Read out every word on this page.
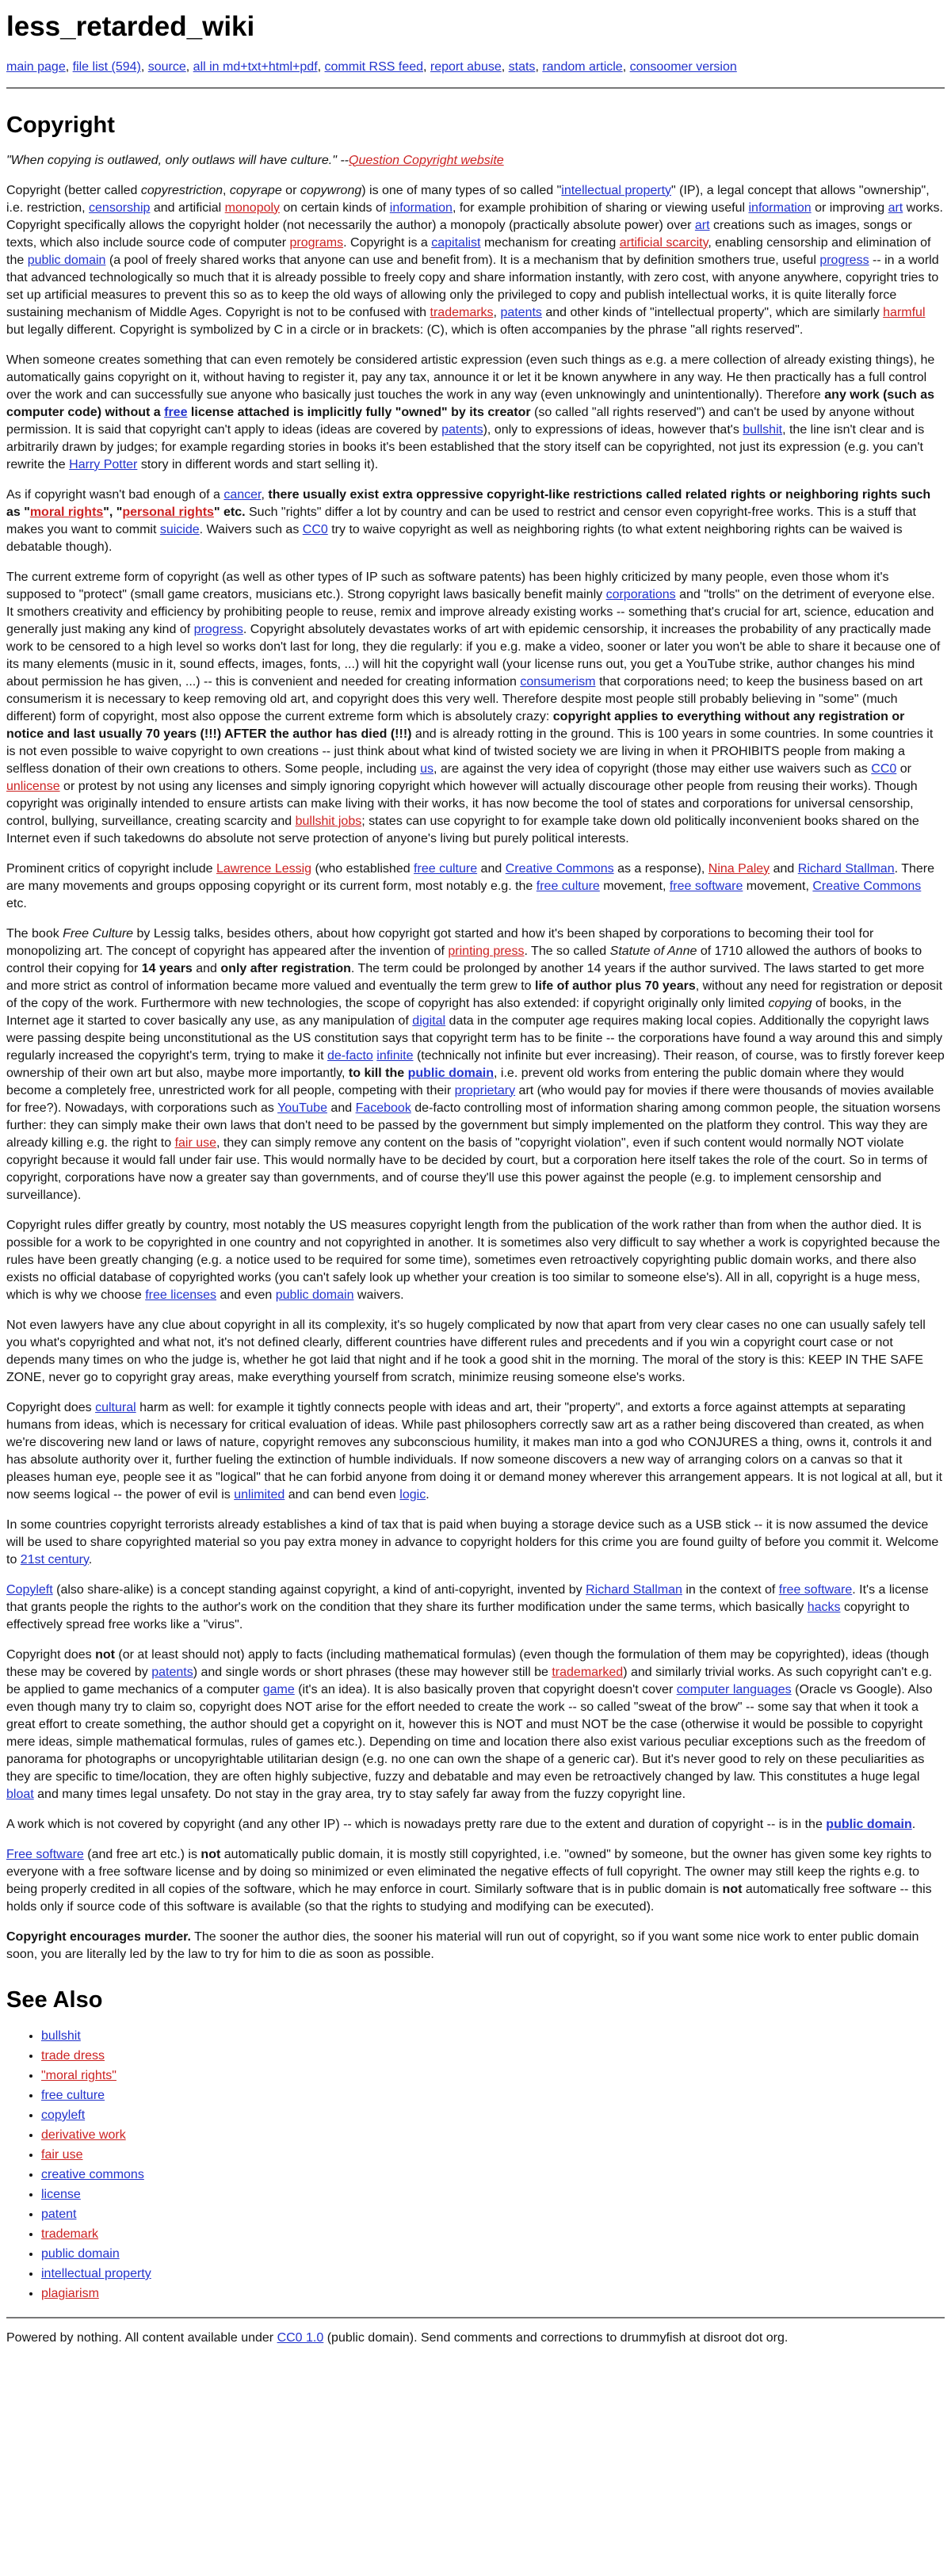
less_retarded_wiki

main page, file list (594), source, all in md+txt+html+pdf, commit RSS feed, report abuse, stats, random article, consoomer version

Copyright

"When copying is outlawed, only outlaws will have culture." --Question Copyright website

Copyright (better called copyrestriction, copyrape or copywrong) is one of many types of so called "intellectual property" (IP), a legal concept that allows "ownership", i.e. restriction, censorship and artificial monopoly on certain kinds of information, for example prohibition of sharing or viewing useful information or improving art works. Copyright specifically allows the copyright holder (not necessarily the author) a monopoly (practically absolute power) over art creations such as images, songs or texts, which also include source code of computer programs. Copyright is a capitalist mechanism for creating artificial scarcity, enabling censorship and elimination of the public domain (a pool of freely shared works that anyone can use and benefit from). It is a mechanism that by definition smothers true, useful progress -- in a world that advanced technologically so much that it is already possible to freely copy and share information instantly, with zero cost, with anyone anywhere, copyright tries to set up artificial measures to prevent this so as to keep the old ways of allowing only the privileged to copy and publish intellectual works, it is quite literally force sustaining mechanism of Middle Ages. Copyright is not to be confused with trademarks, patents and other kinds of "intellectual property", which are similarly harmful but legally different. Copyright is symbolized by C in a circle or in brackets: (C), which is often accompanies by the phrase "all rights reserved".

When someone creates something that can even remotely be considered artistic expression (even such things as e.g. a mere collection of already existing things), he automatically gains copyright on it, without having to register it, pay any tax, announce it or let it be known anywhere in any way. He then practically has a full control over the work and can successfully sue anyone who basically just touches the work in any way (even unknowingly and unintentionally). Therefore any work (such as computer code) without a free license attached is implicitly fully "owned" by its creator (so called "all rights reserved") and can't be used by anyone without permission. It is said that copyright can't apply to ideas (ideas are covered by patents), only to expressions of ideas, however that's bullshit, the line isn't clear and is arbitrarily drawn by judges; for example regarding stories in books it's been established that the story itself can be copyrighted, not just its expression (e.g. you can't rewrite the Harry Potter story in different words and start selling it).

As if copyright wasn't bad enough of a cancer, there usually exist extra oppressive copyright-like restrictions called related rights or neighboring rights such as "moral rights", "personal rights" etc. Such "rights" differ a lot by country and can be used to restrict and censor even copyright-free works. This is a stuff that makes you want to commit suicide. Waivers such as CC0 try to waive copyright as well as neighboring rights (to what extent neighboring rights can be waived is debatable though).

The current extreme form of copyright (as well as other types of IP such as software patents) has been highly criticized by many people, even those whom it's supposed to "protect" (small game creators, musicians etc.). Strong copyright laws basically benefit mainly corporations and "trolls" on the detriment of everyone else. It smothers creativity and efficiency by prohibiting people to reuse, remix and improve already existing works -- something that's crucial for art, science, education and generally just making any kind of progress. Copyright absolutely devastates works of art with epidemic censorship, it increases the probability of any practically made work to be censored to a high level so works don't last for long, they die regularly: if you e.g. make a video, sooner or later you won't be able to share it because one of its many elements (music in it, sound effects, images, fonts, ...) will hit the copyright wall (your license runs out, you get a YouTube strike, author changes his mind about permission he has given, ...) -- this is convenient and needed for creating information consumerism that corporations need; to keep the business based on art consumerism it is necessary to keep removing old art, and copyright does this very well. Therefore despite most people still probably believing in "some" (much different) form of copyright, most also oppose the current extreme form which is absolutely crazy: copyright applies to everything without any registration or notice and last usually 70 years (!!!) AFTER the author has died (!!!) and is already rotting in the ground. This is 100 years in some countries. In some countries it is not even possible to waive copyright to own creations -- just think about what kind of twisted society we are living in when it PROHIBITS people from making a selfless donation of their own creations to others. Some people, including us, are against the very idea of copyright (those may either use waivers such as CC0 or unlicense or protest by not using any licenses and simply ignoring copyright which however will actually discourage other people from reusing their works). Though copyright was originally intended to ensure artists can make living with their works, it has now become the tool of states and corporations for universal censorship, control, bullying, surveillance, creating scarcity and bullshit jobs; states can use copyright to for example take down old politically inconvenient books shared on the Internet even if such takedowns do absolute not serve protection of anyone's living but purely political interests.

Prominent critics of copyright include Lawrence Lessig (who established free culture and Creative Commons as a response), Nina Paley and Richard Stallman. There are many movements and groups opposing copyright or its current form, most notably e.g. the free culture movement, free software movement, Creative Commons etc.

The book Free Culture by Lessig talks, besides others, about how copyright got started and how it's been shaped by corporations to becoming their tool for monopolizing art. The concept of copyright has appeared after the invention of printing press. The so called Statute of Anne of 1710 allowed the authors of books to control their copying for 14 years and only after registration. The term could be prolonged by another 14 years if the author survived. The laws started to get more and more strict as control of information became more valued and eventually the term grew to life of author plus 70 years, without any need for registration or deposit of the copy of the work. Furthermore with new technologies, the scope of copyright has also extended: if copyright originally only limited copying of books, in the Internet age it started to cover basically any use, as any manipulation of digital data in the computer age requires making local copies. Additionally the copyright laws were passing despite being unconstitutional as the US constitution says that copyright term has to be finite -- the corporations have found a way around this and simply regularly increased the copyright's term, trying to make it de-facto infinite (technically not infinite but ever increasing). Their reason, of course, was to firstly forever keep ownership of their own art but also, maybe more importantly, to kill the public domain, i.e. prevent old works from entering the public domain where they would become a completely free, unrestricted work for all people, competing with their proprietary art (who would pay for movies if there were thousands of movies available for free?). Nowadays, with corporations such as YouTube and Facebook de-facto controlling most of information sharing among common people, the situation worsens further: they can simply make their own laws that don't need to be passed by the government but simply implemented on the platform they control. This way they are already killing e.g. the right to fair use, they can simply remove any content on the basis of "copyright violation", even if such content would normally NOT violate copyright because it would fall under fair use. This would normally have to be decided by court, but a corporation here itself takes the role of the court. So in terms of copyright, corporations have now a greater say than governments, and of course they'll use this power against the people (e.g. to implement censorship and surveillance).

Copyright rules differ greatly by country, most notably the US measures copyright length from the publication of the work rather than from when the author died. It is possible for a work to be copyrighted in one country and not copyrighted in another. It is sometimes also very difficult to say whether a work is copyrighted because the rules have been greatly changing (e.g. a notice used to be required for some time), sometimes even retroactively copyrighting public domain works, and there also exists no official database of copyrighted works (you can't safely look up whether your creation is too similar to someone else's). All in all, copyright is a huge mess, which is why we choose free licenses and even public domain waivers.

Not even lawyers have any clue about copyright in all its complexity, it's so hugely complicated by now that apart from very clear cases no one can usually safely tell you what's copyrighted and what not, it's not defined clearly, different countries have different rules and precedents and if you win a copyright court case or not depends many times on who the judge is, whether he got laid that night and if he took a good shit in the morning. The moral of the story is this: KEEP IN THE SAFE ZONE, never go to copyright gray areas, make everything yourself from scratch, minimize reusing someone else's works.

Copyright does cultural harm as well: for example it tightly connects people with ideas and art, their "property", and extorts a force against attempts at separating humans from ideas, which is necessary for critical evaluation of ideas. While past philosophers correctly saw art as a rather being discovered than created, as when we're discovering new land or laws of nature, copyright removes any subconscious humility, it makes man into a god who CONJURES a thing, owns it, controls it and has absolute authority over it, further fueling the extinction of humble individuals. If now someone discovers a new way of arranging colors on a canvas so that it pleases human eye, people see it as "logical" that he can forbid anyone from doing it or demand money wherever this arrangement appears. It is not logical at all, but it now seems logical -- the power of evil is unlimited and can bend even logic.

In some countries copyright terrorists already establishes a kind of tax that is paid when buying a storage device such as a USB stick -- it is now assumed the device will be used to share copyrighted material so you pay extra money in advance to copyright holders for this crime you are found guilty of before you commit it. Welcome to 21st century.

Copyleft (also share-alike) is a concept standing against copyright, a kind of anti-copyright, invented by Richard Stallman in the context of free software. It's a license that grants people the rights to the author's work on the condition that they share its further modification under the same terms, which basically hacks copyright to effectively spread free works like a "virus".

Copyright does not (or at least should not) apply to facts (including mathematical formulas) (even though the formulation of them may be copyrighted), ideas (though these may be covered by patents) and single words or short phrases (these may however still be trademarked) and similarly trivial works. As such copyright can't e.g. be applied to game mechanics of a computer game (it's an idea). It is also basically proven that copyright doesn't cover computer languages (Oracle vs Google). Also even though many try to claim so, copyright does NOT arise for the effort needed to create the work -- so called "sweat of the brow" -- some say that when it took a great effort to create something, the author should get a copyright on it, however this is NOT and must NOT be the case (otherwise it would be possible to copyright mere ideas, simple mathematical formulas, rules of games etc.). Depending on time and location there also exist various peculiar exceptions such as the freedom of panorama for photographs or uncopyrightable utilitarian design (e.g. no one can own the shape of a generic car). But it's never good to rely on these peculiarities as they are specific to time/location, they are often highly subjective, fuzzy and debatable and may even be retroactively changed by law. This constitutes a huge legal bloat and many times legal unsafety. Do not stay in the gray area, try to stay safely far away from the fuzzy copyright line.

A work which is not covered by copyright (and any other IP) -- which is nowadays pretty rare due to the extent and duration of copyright -- is in the public domain.

Free software (and free art etc.) is not automatically public domain, it is mostly still copyrighted, i.e. "owned" by someone, but the owner has given some key rights to everyone with a free software license and by doing so minimized or even eliminated the negative effects of full copyright. The owner may still keep the rights e.g. to being properly credited in all copies of the software, which he may enforce in court. Similarly software that is in public domain is not automatically free software -- this holds only if source code of this software is available (so that the rights to studying and modifying can be executed).

Copyright encourages murder. The sooner the author dies, the sooner his material will run out of copyright, so if you want some nice work to enter public domain soon, you are literally led by the law to try for him to die as soon as possible.

See Also
• bullshit
• trade dress
• "moral rights"
• free culture
• copyleft
• derivative work
• fair use
• creative commons
• license
• patent
• trademark
• public domain
• intellectual property
• plagiarism

Powered by nothing. All content available under CC0 1.0 (public domain). Send comments and corrections to drummyfish at disroot dot org.
